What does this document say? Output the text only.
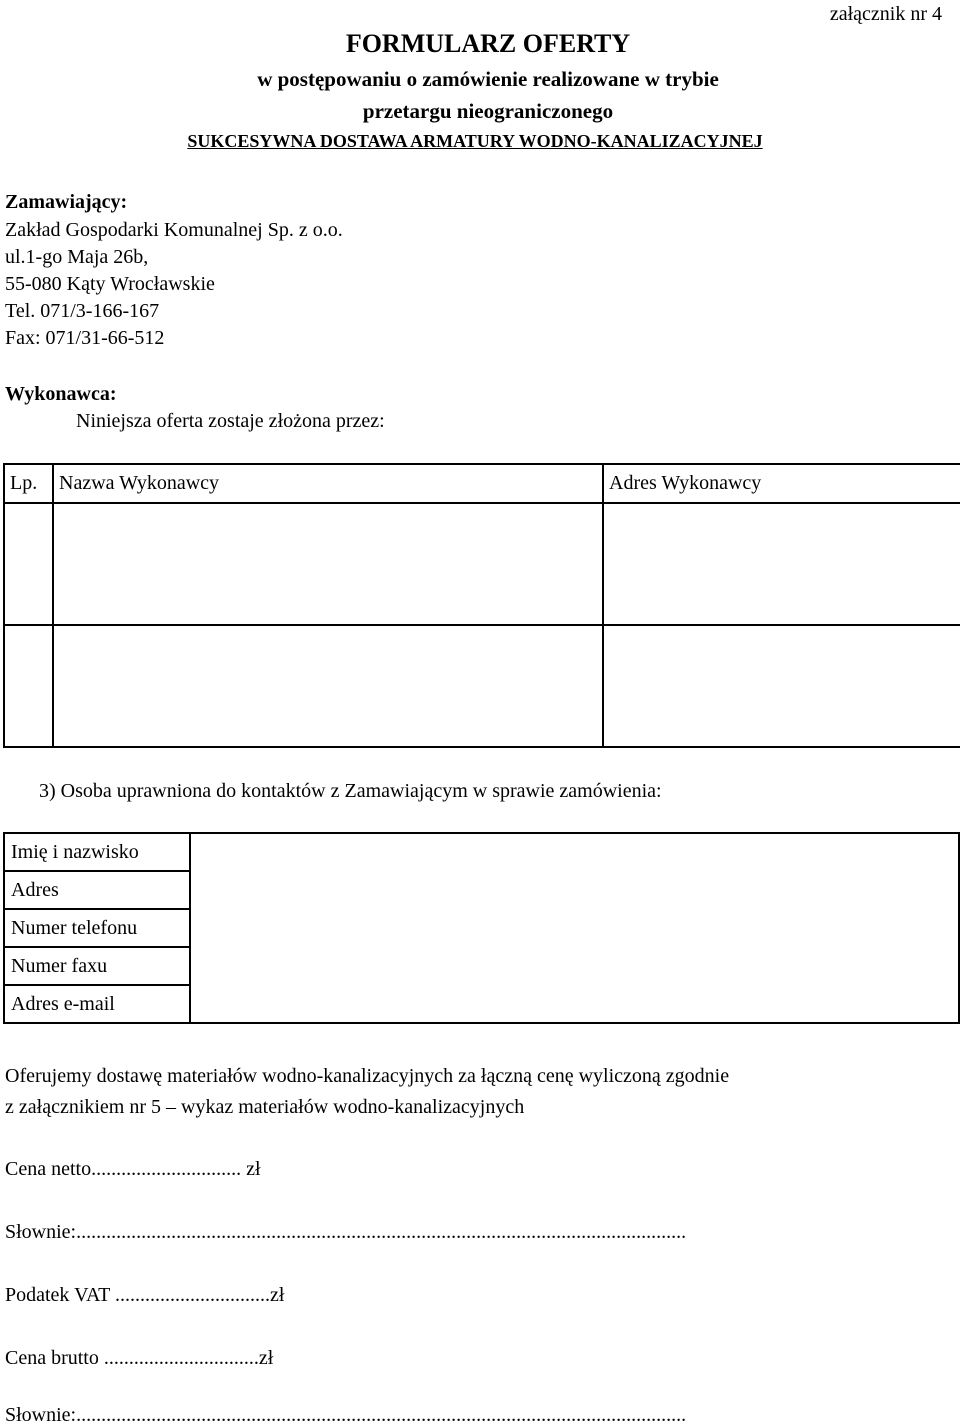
załącznik nr 4
FORMULARZ OFERTY
w postępowaniu o zamówienie realizowane w trybie
przetargu nieograniczonego
SUKCESYWNA DOSTAWA ARMATURY WODNO-KANALIZACYJNEJ
Zamawiający:
Zakład Gospodarki Komunalnej Sp. z o.o.
ul.1-go Maja 26b,
55-080 Kąty Wrocławskie
Tel. 071/3-166-167
Fax: 071/31-66-512
Wykonawca:
Niniejsza oferta zostaje złożona przez:
Lp.	Nazwa Wykonawcy	Adres Wykonawcy

3) Osoba uprawniona do kontaktów z Zamawiającym w sprawie zamówienia:
Imię i nazwisko	
Adres	
Numer telefonu	
Numer faxu	
Adres e-mail	
Oferujemy dostawę materiałów wodno-kanalizacyjnych za łączną cenę wyliczoną zgodnie
z załącznikiem nr 5 – wykaz materiałów wodno-kanalizacyjnych
Cena netto.............................. zł
Słownie:..........................................................................................................................
Podatek VAT ...............................zł
Cena brutto ...............................zł
Słownie:..........................................................................................................................
